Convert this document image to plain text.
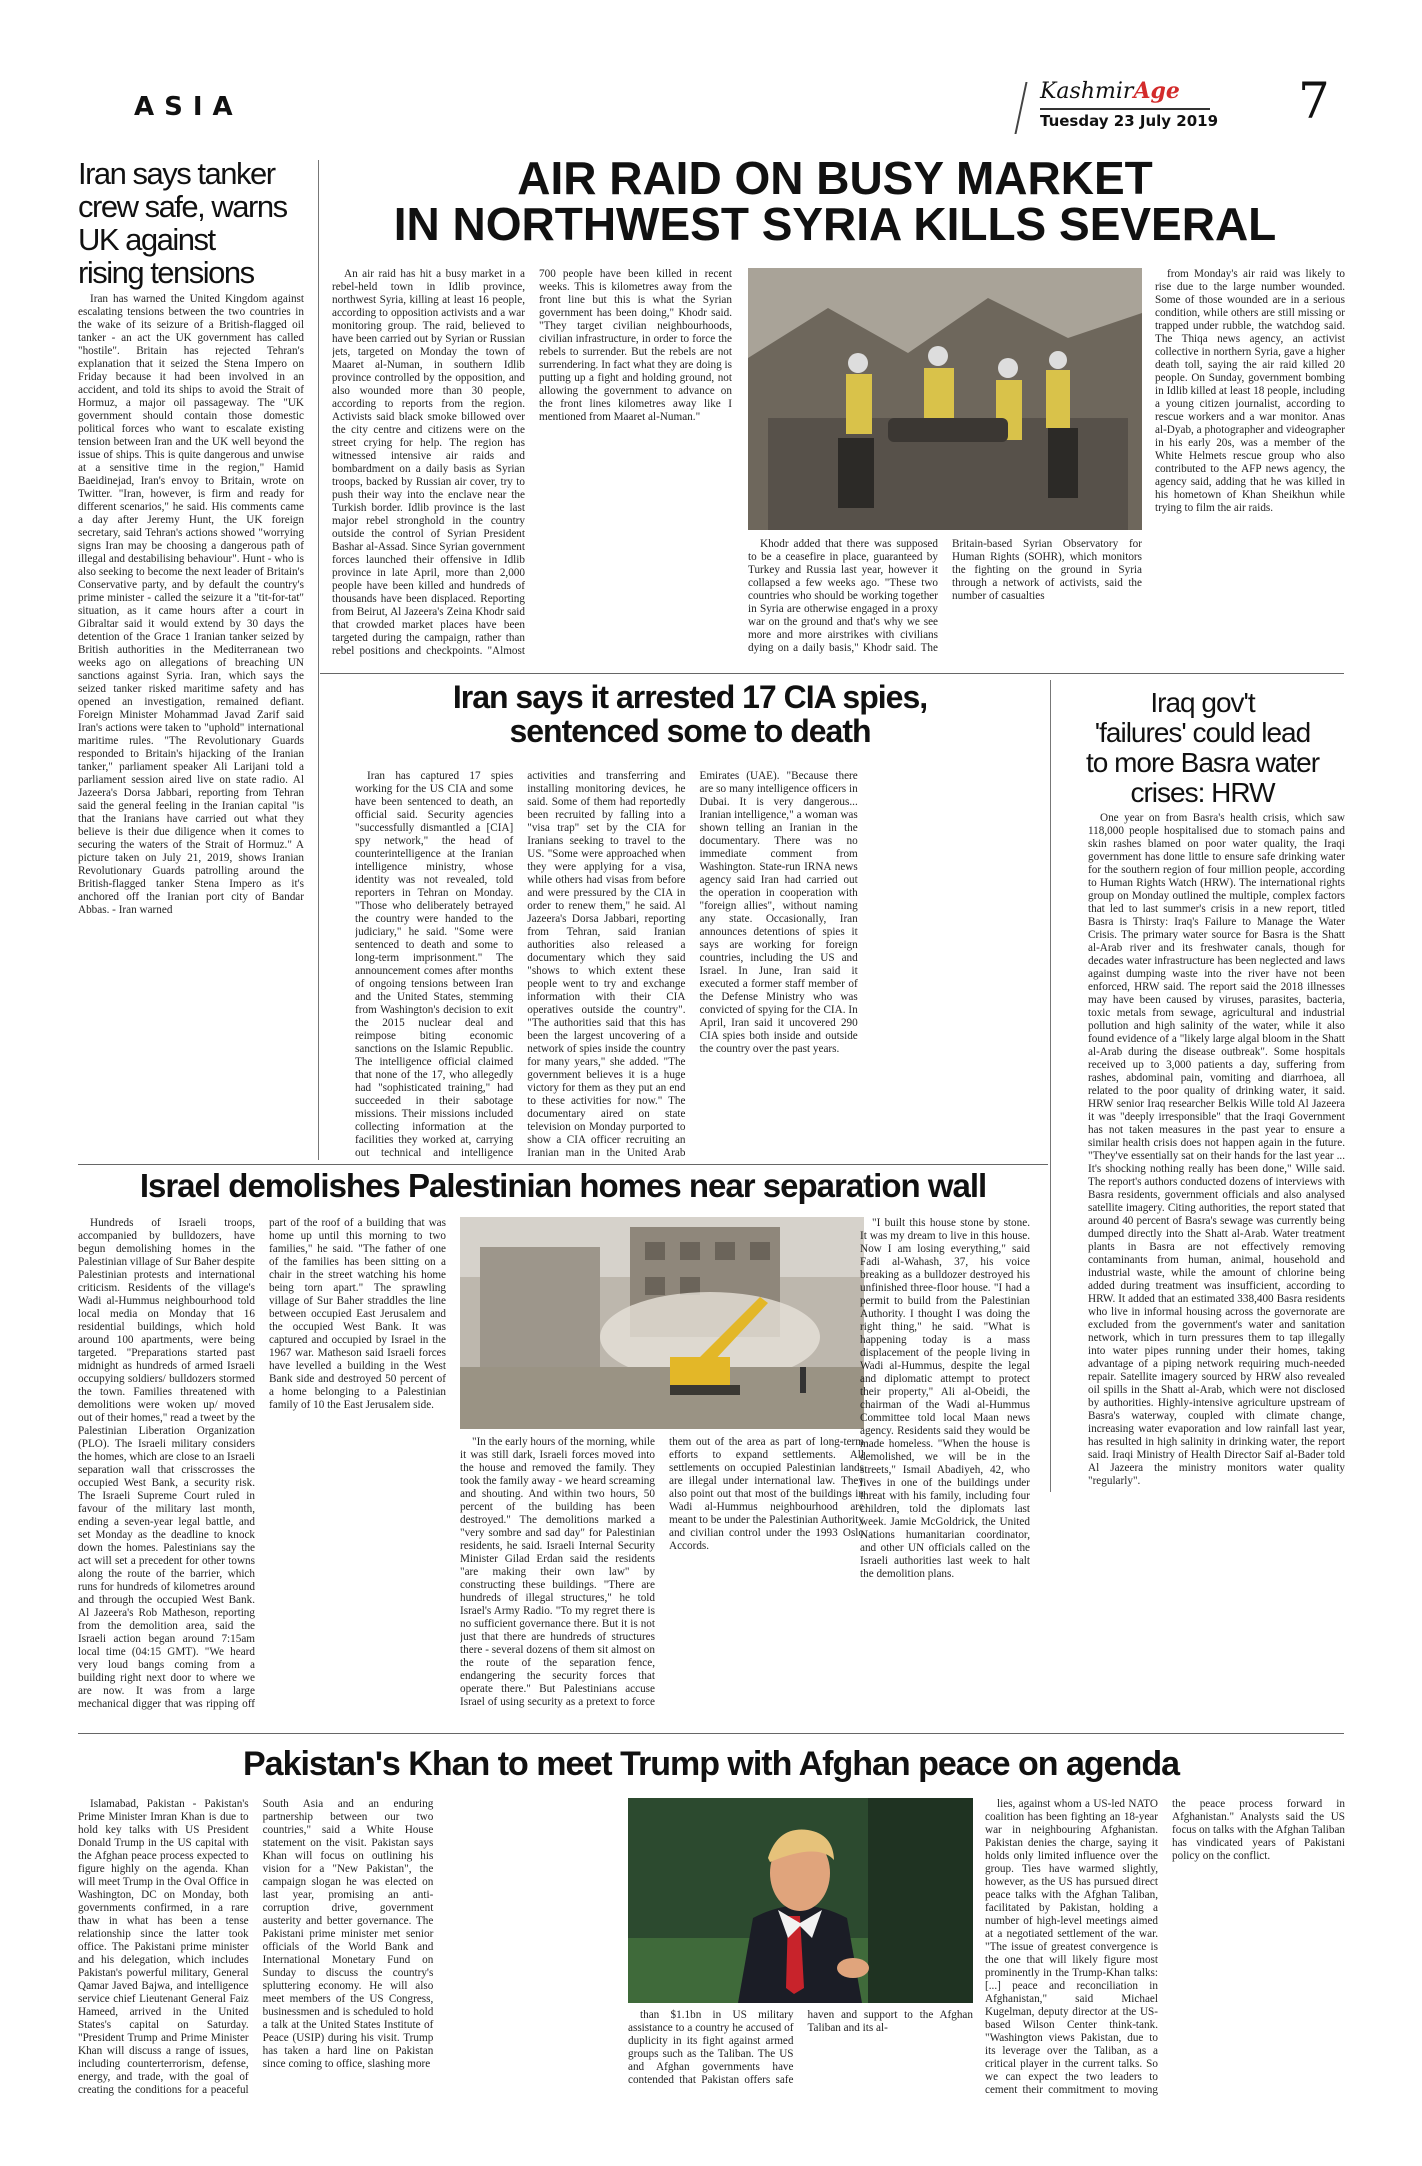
ASIA
KashmirAge
Tuesday 23 July 2019 7
Iran says tanker
crew safe, warns
UK against
rising tensions

Iran has warned the United Kingdom against escalating tensions between the two countries in the wake of its seizure of a British-flagged oil tanker - an act the UK government has called "hostile". Britain has rejected Tehran's explanation that it seized the Stena Impero on Friday because it had been involved in an accident, and told its ships to avoid the Strait of Hormuz, a major oil passageway. The "UK government should contain those domestic political forces who want to escalate existing tension between Iran and the UK well beyond the issue of ships. This is quite dangerous and unwise at a sensitive time in the region," Hamid Baeidinejad, Iran's envoy to Britain, wrote on Twitter. "Iran, however, is firm and ready for different scenarios," he said. His comments came a day after Jeremy Hunt, the UK foreign secretary, said Tehran's actions showed "worrying signs Iran may be choosing a dangerous path of illegal and destabilising behaviour". Hunt - who is also seeking to become the next leader of Britain's Conservative party, and by default the country's prime minister - called the seizure it a "tit-for-tat" situation, as it came hours after a court in Gibraltar said it would extend by 30 days the detention of the Grace 1 Iranian tanker seized by British authorities in the Mediterranean two weeks ago on allegations of breaching UN sanctions against Syria. Iran, which says the seized tanker risked maritime safety and has opened an investigation, remained defiant. Foreign Minister Mohammad Javad Zarif said Iran's actions were taken to "uphold" international maritime rules. "The Revolutionary Guards responded to Britain's hijacking of the Iranian tanker," parliament speaker Ali Larijani told a parliament session aired live on state radio. Al Jazeera's Dorsa Jabbari, reporting from Tehran said the general feeling in the Iranian capital "is that the Iranians have carried out what they believe is their due diligence when it comes to securing the waters of the Strait of Hormuz." A picture taken on July 21, 2019, shows Iranian Revolutionary Guards patrolling around the British-flagged tanker Stena Impero as it's anchored off the Iranian port city of Bandar Abbas. - Iran warned

AIR RAID ON BUSY MARKET
IN NORTHWEST SYRIA KILLS SEVERAL

An air raid has hit a busy market in a rebel-held town in Idlib province, northwest Syria, killing at least 16 people, according to opposition activists and a war monitoring group. The raid, believed to have been carried out by Syrian or Russian jets, targeted on Monday the town of Maaret al-Numan, in southern Idlib province controlled by the opposition, and also wounded more than 30 people, according to reports from the region. Activists said black smoke billowed over the city centre and citizens were on the street crying for help. The region has witnessed intensive air raids and bombardment on a daily basis as Syrian troops, backed by Russian air cover, try to push their way into the enclave near the Turkish border. Idlib province is the last major rebel stronghold in the country outside the control of Syrian President Bashar al-Assad. Since Syrian government forces launched their offensive in Idlib province in late April, more than 2,000 people have been killed and hundreds of thousands have been displaced. Reporting from Beirut, Al Jazeera's Zeina Khodr said that crowded market places have been targeted during the campaign, rather than rebel positions and checkpoints. "Almost 700 people have been killed in recent weeks. This is kilometres away from the front line but this is what the Syrian government has been doing," Khodr said. "They target civilian neighbourhoods, civilian infrastructure, in order to force the rebels to surrender. But the rebels are not surrendering. In fact what they are doing is putting up a fight and holding ground, not allowing the government to advance on the front lines kilometres away like I mentioned from Maaret al-Numan."

Khodr added that there was supposed to be a ceasefire in place, guaranteed by Turkey and Russia last year, however it collapsed a few weeks ago. "These two countries who should be working together in Syria are otherwise engaged in a proxy war on the ground and that's why we see more and more airstrikes with civilians dying on a daily basis," Khodr said. The Britain-based Syrian Observatory for Human Rights (SOHR), which monitors the fighting on the ground in Syria through a network of activists, said the number of casualties

from Monday's air raid was likely to rise due to the large number wounded. Some of those wounded are in a serious condition, while others are still missing or trapped under rubble, the watchdog said. The Thiqa news agency, an activist collective in northern Syria, gave a higher death toll, saying the air raid killed 20 people. On Sunday, government bombing in Idlib killed at least 18 people, including a young citizen journalist, according to rescue workers and a war monitor. Anas al-Dyab, a photographer and videographer in his early 20s, was a member of the White Helmets rescue group who also contributed to the AFP news agency, the agency said, adding that he was killed in his hometown of Khan Sheikhun while trying to film the air raids.

Iran says it arrested 17 CIA spies,
sentenced some to death

Iran has captured 17 spies working for the US CIA and some have been sentenced to death, an official said. Security agencies "successfully dismantled a [CIA] spy network," the head of counterintelligence at the Iranian intelligence ministry, whose identity was not revealed, told reporters in Tehran on Monday. "Those who deliberately betrayed the country were handed to the judiciary," he said. "Some were sentenced to death and some to long-term imprisonment." The announcement comes after months of ongoing tensions between Iran and the United States, stemming from Washington's decision to exit the 2015 nuclear deal and reimpose biting economic sanctions on the Islamic Republic. The intelligence official claimed that none of the 17, who allegedly had "sophisticated training," had succeeded in their sabotage missions. Their missions included collecting information at the facilities they worked at, carrying out technical and intelligence activities and transferring and installing monitoring devices, he said. Some of them had reportedly been recruited by falling into a "visa trap" set by the CIA for Iranians seeking to travel to the US. "Some were approached when they were applying for a visa, while others had visas from before and were pressured by the CIA in order to renew them," he said. Al Jazeera's Dorsa Jabbari, reporting from Tehran, said Iranian authorities also released a documentary which they said "shows to which extent these people went to try and exchange information with their CIA operatives outside the country". "The authorities said that this has been the largest uncovering of a network of spies inside the country for many years," she added. "The government believes it is a huge victory for them as they put an end to these activities for now." The documentary aired on state television on Monday purported to show a CIA officer recruiting an Iranian man in the United Arab Emirates (UAE). "Because there are so many intelligence officers in Dubai. It is very dangerous... Iranian intelligence," a woman was shown telling an Iranian in the documentary. There was no immediate comment from Washington. State-run IRNA news agency said Iran had carried out the operation in cooperation with "foreign allies", without naming any state. Occasionally, Iran announces detentions of spies it says are working for foreign countries, including the US and Israel. In June, Iran said it executed a former staff member of the Defense Ministry who was convicted of spying for the CIA. In April, Iran said it uncovered 290 CIA spies both inside and outside the country over the past years.

Iraq gov't
'failures' could lead
to more Basra water
crises: HRW

One year on from Basra's health crisis, which saw 118,000 people hospitalised due to stomach pains and skin rashes blamed on poor water quality, the Iraqi government has done little to ensure safe drinking water for the southern region of four million people, according to Human Rights Watch (HRW). The international rights group on Monday outlined the multiple, complex factors that led to last summer's crisis in a new report, titled Basra is Thirsty: Iraq's Failure to Manage the Water Crisis. The primary water source for Basra is the Shatt al-Arab river and its freshwater canals, though for decades water infrastructure has been neglected and laws against dumping waste into the river have not been enforced, HRW said. The report said the 2018 illnesses may have been caused by viruses, parasites, bacteria, toxic metals from sewage, agricultural and industrial pollution and high salinity of the water, while it also found evidence of a "likely large algal bloom in the Shatt al-Arab during the disease outbreak". Some hospitals received up to 3,000 patients a day, suffering from rashes, abdominal pain, vomiting and diarrhoea, all related to the poor quality of drinking water, it said. HRW senior Iraq researcher Belkis Wille told Al Jazeera it was "deeply irresponsible" that the Iraqi Government has not taken measures in the past year to ensure a similar health crisis does not happen again in the future. "They've essentially sat on their hands for the last year ... It's shocking nothing really has been done," Wille said. The report's authors conducted dozens of interviews with Basra residents, government officials and also analysed satellite imagery. Citing authorities, the report stated that around 40 percent of Basra's sewage was currently being dumped directly into the Shatt al-Arab. Water treatment plants in Basra are not effectively removing contaminants from human, animal, household and industrial waste, while the amount of chlorine being added during treatment was insufficient, according to HRW. It added that an estimated 338,400 Basra residents who live in informal housing across the governorate are excluded from the government's water and sanitation network, which in turn pressures them to tap illegally into water pipes running under their homes, taking advantage of a piping network requiring much-needed repair. Satellite imagery sourced by HRW also revealed oil spills in the Shatt al-Arab, which were not disclosed by authorities. Highly-intensive agriculture upstream of Basra's waterway, coupled with climate change, increasing water evaporation and low rainfall last year, has resulted in high salinity in drinking water, the report said. Iraqi Ministry of Health Director Saif al-Bader told Al Jazeera the ministry monitors water quality "regularly".

Israel demolishes Palestinian homes near separation wall

Hundreds of Israeli troops, accompanied by bulldozers, have begun demolishing homes in the Palestinian village of Sur Baher despite Palestinian protests and international criticism. Residents of the village's Wadi al-Hummus neighbourhood told local media on Monday that 16 residential buildings, which hold around 100 apartments, were being targeted. "Preparations started past midnight as hundreds of armed Israeli occupying soldiers/ bulldozers stormed the town. Families threatened with demolitions were woken up/ moved out of their homes," read a tweet by the Palestinian Liberation Organization (PLO). The Israeli military considers the homes, which are close to an Israeli separation wall that crisscrosses the occupied West Bank, a security risk. The Israeli Supreme Court ruled in favour of the military last month, ending a seven-year legal battle, and set Monday as the deadline to knock down the homes. Palestinians say the act will set a precedent for other towns along the route of the barrier, which runs for hundreds of kilometres around and through the occupied West Bank. Al Jazeera's Rob Matheson, reporting from the demolition area, said the Israeli action began around 7:15am local time (04:15 GMT). "We heard very loud bangs coming from a building right next door to where we are now. It was from a large mechanical digger that was ripping off part of the roof of a building that was home up until this morning to two families," he said. "The father of one of the families has been sitting on a chair in the street watching his home being torn apart." The sprawling village of Sur Baher straddles the line between occupied East Jerusalem and the occupied West Bank. It was captured and occupied by Israel in the 1967 war. Matheson said Israeli forces have levelled a building in the West Bank side and destroyed 50 percent of a home belonging to a Palestinian family of 10 the East Jerusalem side.

"In the early hours of the morning, while it was still dark, Israeli forces moved into the house and removed the family. They took the family away - we heard screaming and shouting. And within two hours, 50 percent of the building has been destroyed." The demolitions marked a "very sombre and sad day" for Palestinian residents, he said. Israeli Internal Security Minister Gilad Erdan said the residents "are making their own law" by constructing these buildings. "There are hundreds of illegal structures," he told Israel's Army Radio. "To my regret there is no sufficient governance there. But it is not just that there are hundreds of structures there - several dozens of them sit almost on the route of the separation fence, endangering the security forces that operate there." But Palestinians accuse Israel of using security as a pretext to force them out of the area as part of long-term efforts to expand settlements. All settlements on occupied Palestinian lands are illegal under international law. They also point out that most of the buildings in Wadi al-Hummus neighbourhood are meant to be under the Palestinian Authority and civilian control under the 1993 Oslo Accords.

"I built this house stone by stone. It was my dream to live in this house. Now I am losing everything," said Fadi al-Wahash, 37, his voice breaking as a bulldozer destroyed his unfinished three-floor house. "I had a permit to build from the Palestinian Authority. I thought I was doing the right thing," he said. "What is happening today is a mass displacement of the people living in Wadi al-Hummus, despite the legal and diplomatic attempt to protect their property," Ali al-Obeidi, the chairman of the Wadi al-Hummus Committee told local Maan news agency. Residents said they would be made homeless. "When the house is demolished, we will be in the streets," Ismail Abadiyeh, 42, who lives in one of the buildings under threat with his family, including four children, told the diplomats last week. Jamie McGoldrick, the United Nations humanitarian coordinator, and other UN officials called on the Israeli authorities last week to halt the demolition plans.

Pakistan's Khan to meet Trump with Afghan peace on agenda

Islamabad, Pakistan - Pakistan's Prime Minister Imran Khan is due to hold key talks with US President Donald Trump in the US capital with the Afghan peace process expected to figure highly on the agenda. Khan will meet Trump in the Oval Office in Washington, DC on Monday, both governments confirmed, in a rare thaw in what has been a tense relationship since the latter took office. The Pakistani prime minister and his delegation, which includes Pakistan's powerful military, General Qamar Javed Bajwa, and intelligence service chief Lieutenant General Faiz Hameed, arrived in the United States's capital on Saturday. "President Trump and Prime Minister Khan will discuss a range of issues, including counterterrorism, defense, energy, and trade, with the goal of creating the conditions for a peaceful South Asia and an enduring partnership between our two countries," said a White House statement on the visit. Pakistan says Khan will focus on outlining his vision for a "New Pakistan", the campaign slogan he was elected on last year, promising an anti-corruption drive, government austerity and better governance. The Pakistani prime minister met senior officials of the World Bank and International Monetary Fund on Sunday to discuss the country's spluttering economy. He will also meet members of the US Congress, businessmen and is scheduled to hold a talk at the United States Institute of Peace (USIP) during his visit. Trump has taken a hard line on Pakistan since coming to office, slashing more

than $1.1bn in US military assistance to a country he accused of duplicity in its fight against armed groups such as the Taliban. The US and Afghan governments have contended that Pakistan offers safe haven and support to the Afghan Taliban and its al-

lies, against whom a US-led NATO coalition has been fighting an 18-year war in neighbouring Afghanistan. Pakistan denies the charge, saying it holds only limited influence over the group. Ties have warmed slightly, however, as the US has pursued direct peace talks with the Afghan Taliban, facilitated by Pakistan, holding a number of high-level meetings aimed at a negotiated settlement of the war. "The issue of greatest convergence is the one that will likely figure most prominently in the Trump-Khan talks: [...] peace and reconciliation in Afghanistan," said Michael Kugelman, deputy director at the US-based Wilson Center think-tank. "Washington views Pakistan, due to its leverage over the Taliban, as a critical player in the current talks. So we can expect the two leaders to cement their commitment to moving the peace process forward in Afghanistan." Analysts said the US focus on talks with the Afghan Taliban has vindicated years of Pakistani policy on the conflict.
